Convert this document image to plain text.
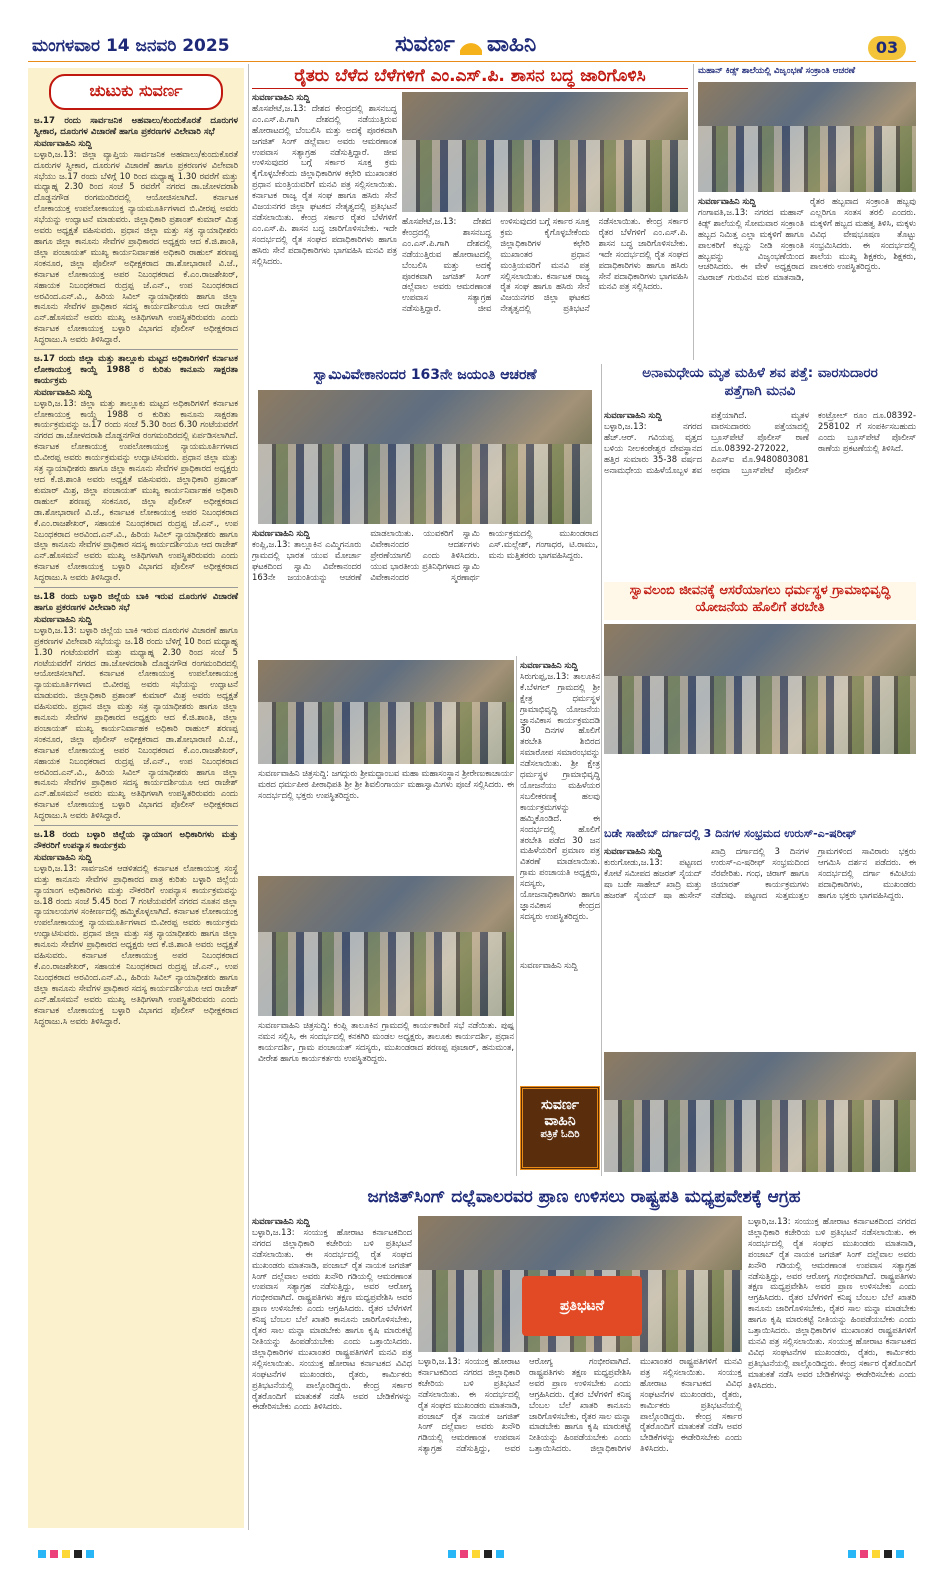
ಮಂಗಳವಾರ 14 ಜನವರಿ 2025	ಸುವರ್ಣ ವಾಹಿನಿ	03
ಚುಟುಕು ಸುವರ್ಣ
ಜ.17 ರಂದು ಸಾರ್ವಜನಿಕ ಅಹವಾಲು/ಕುಂದುಕೊರತೆ ದೂರುಗಳ ಸ್ವೀಕಾರ, ದೂರುಗಳ ವಿಚಾರಣೆ ಹಾಗೂ ಪ್ರಕರಣಗಳ ವಿಲೇವಾರಿ ಸಭೆ
ಸುವರ್ಣವಾಹಿನಿ ಸುದ್ದಿ
ಬಳ್ಳಾರಿ,ಜ.13: ಜಿಲ್ಲಾ ವ್ಯಾಪ್ತಿಯ ಸಾರ್ವಜನಿಕ ಅಹವಾಲು/ಕುಂದುಕೊರತೆ ದೂರುಗಳ ಸ್ವೀಕಾರ, ದೂರುಗಳ ವಿಚಾರಣೆ ಹಾಗೂ ಪ್ರಕರಣಗಳ ವಿಲೇವಾರಿ ಸಭೆಯು ಜ.17 ರಂದು ಬೆಳಿಗ್ಗೆ 10 ರಿಂದ ಮಧ್ಯಾಹ್ನ 1.30 ರವರೆಗೆ ಮತ್ತು ಮಧ್ಯಾಹ್ನ 2.30 ರಿಂದ ಸಂಜೆ 5 ರವರೆಗೆ ನಗರದ ಡಾ.ಜೋಳದರಾಶಿ ದೊಡ್ಡನಗೌಡ ರಂಗಮಂದಿರದಲ್ಲಿ ಆಯೋಜಿಸಲಾಗಿದೆ. ಕರ್ನಾಟಕ ಲೋಕಾಯುಕ್ತ ಉಪಲೋಕಾಯುಕ್ತ ನ್ಯಾಯಮೂರ್ತಿಗಳಾದ ಬಿ.ವೀರಪ್ಪ ಅವರು ಸಭೆಯನ್ನು ಉದ್ಘಾಟನೆ ಮಾಡುವರು. ಜಿಲ್ಲಾಧಿಕಾರಿ ಪ್ರಶಾಂತ್ ಕುಮಾರ್ ಮಿಶ್ರ ಅವರು ಅಧ್ಯಕ್ಷತೆ ವಹಿಸುವರು. ಪ್ರಧಾನ ಜಿಲ್ಲಾ ಮತ್ತು ಸತ್ರ ನ್ಯಾಯಾಧೀಶರು ಹಾಗೂ ಜಿಲ್ಲಾ ಕಾನೂನು ಸೇವೆಗಳ ಪ್ರಾಧಿಕಾರದ ಅಧ್ಯಕ್ಷರು ಆದ ಕೆ.ಜಿ.ಶಾಂತಿ, ಜಿಲ್ಲಾ ಪಂಚಾಯತ್ ಮುಖ್ಯ ಕಾರ್ಯನಿರ್ವಾಹಕ ಅಧಿಕಾರಿ ರಾಹುಲ್ ಶರಣಪ್ಪ ಸಂಕನೂರ, ಜಿಲ್ಲಾ ಪೊಲೀಸ್ ಅಧೀಕ್ಷಕರಾದ ಡಾ.ಶೋಭಾರಾಣಿ ವಿ.ಜೆ., ಕರ್ನಾಟಕ ಲೋಕಾಯುಕ್ತ ಅಪರ ನಿಬಂಧಕರಾದ ಕೆ.ಎಂ.ರಾಜಶೇಖರ್, ಸಹಾಯಕ ನಿಬಂಧಕರಾದ ರುದ್ರಪ್ಪ ಜೆ.ಎನ್., ಉಪ ನಿಬಂಧಕರಾದ ಅರವಿಂದ.ಎನ್.ವಿ., ಹಿರಿಯ ಸಿವಿಲ್ ನ್ಯಾಯಾಧೀಶರು ಹಾಗೂ ಜಿಲ್ಲಾ ಕಾನೂನು ಸೇವೆಗಳ ಪ್ರಾಧಿಕಾರ ಸದಸ್ಯ ಕಾರ್ಯದರ್ಶಿಯೂ ಆದ ರಾಜೇಶ್ ಎನ್.ಹೊಸಮನೆ ಅವರು ಮುಖ್ಯ ಅತಿಥಿಗಳಾಗಿ ಉಪಸ್ಥಿತರಿರುವರು ಎಂದು ಕರ್ನಾಟಕ ಲೋಕಾಯುಕ್ತ ಬಳ್ಳಾರಿ ವಿಭಾಗದ ಪೊಲೀಸ್ ಅಧೀಕ್ಷಕರಾದ ಸಿದ್ಧರಾಜು.ಸಿ ಅವರು ತಿಳಿಸಿದ್ದಾರೆ.
ಜ.17 ರಂದು ಜಿಲ್ಲಾ ಮತ್ತು ತಾಲ್ಲೂಕು ಮಟ್ಟದ ಅಧಿಕಾರಿಗಳಿಗೆ ಕರ್ನಾಟಕ ಲೋಕಾಯುಕ್ತ ಕಾಯ್ದೆ 1988 ರ ಕುರಿತು ಕಾನೂನು ಸಾಕ್ಷರತಾ ಕಾರ್ಯಕ್ರಮ
ಸುವರ್ಣವಾಹಿನಿ ಸುದ್ದಿ
ಬಳ್ಳಾರಿ,ಜ.13: ಜಿಲ್ಲಾ ಮತ್ತು ತಾಲ್ಲೂಕು ಮಟ್ಟದ ಅಧಿಕಾರಿಗಳಿಗೆ ಕರ್ನಾಟಕ ಲೋಕಾಯುಕ್ತ ಕಾಯ್ದೆ 1988 ರ ಕುರಿತು ಕಾನೂನು ಸಾಕ್ಷರತಾ ಕಾರ್ಯಕ್ರಮವನ್ನು ಜ.17 ರಂದು ಸಂಜೆ 5.30 ರಿಂದ 6.30 ಗಂಟೆಯವರೆಗೆ ನಗರದ ಡಾ.ಜೋಳದರಾಶಿ ದೊಡ್ಡನಗೌಡ ರಂಗಮಂದಿರದಲ್ಲಿ ಏರ್ಪಡಿಸಲಾಗಿದೆ. ಕರ್ನಾಟಕ ಲೋಕಾಯುಕ್ತ ಉಪಲೋಕಾಯುಕ್ತ ನ್ಯಾಯಮೂರ್ತಿಗಳಾದ ಬಿ.ವೀರಪ್ಪ ಅವರು ಕಾರ್ಯಕ್ರಮವನ್ನು ಉದ್ಘಾಟಿಸುವರು. ಪ್ರಧಾನ ಜಿಲ್ಲಾ ಮತ್ತು ಸತ್ರ ನ್ಯಾಯಾಧೀಶರು ಹಾಗೂ ಜಿಲ್ಲಾ ಕಾನೂನು ಸೇವೆಗಳ ಪ್ರಾಧಿಕಾರದ ಅಧ್ಯಕ್ಷರು ಆದ ಕೆ.ಜಿ.ಶಾಂತಿ ಅವರು ಅಧ್ಯಕ್ಷತೆ ವಹಿಸುವರು. ಜಿಲ್ಲಾಧಿಕಾರಿ ಪ್ರಶಾಂತ್ ಕುಮಾರ್ ಮಿಶ್ರ, ಜಿಲ್ಲಾ ಪಂಚಾಯತ್ ಮುಖ್ಯ ಕಾರ್ಯನಿರ್ವಾಹಕ ಅಧಿಕಾರಿ ರಾಹುಲ್ ಶರಣಪ್ಪ ಸಂಕನೂರ, ಜಿಲ್ಲಾ ಪೊಲೀಸ್ ಅಧೀಕ್ಷಕರಾದ ಡಾ.ಶೋಭಾರಾಣಿ ವಿ.ಜೆ., ಕರ್ನಾಟಕ ಲೋಕಾಯುಕ್ತ ಅಪರ ನಿಬಂಧಕರಾದ ಕೆ.ಎಂ.ರಾಜಶೇಖರ್, ಸಹಾಯಕ ನಿಬಂಧಕರಾದ ರುದ್ರಪ್ಪ ಜೆ.ಎನ್., ಉಪ ನಿಬಂಧಕರಾದ ಅರವಿಂದ.ಎನ್.ವಿ., ಹಿರಿಯ ಸಿವಿಲ್ ನ್ಯಾಯಾಧೀಶರು ಹಾಗೂ ಜಿಲ್ಲಾ ಕಾನೂನು ಸೇವೆಗಳ ಪ್ರಾಧಿಕಾರ ಸದಸ್ಯ ಕಾರ್ಯದರ್ಶಿಯೂ ಆದ ರಾಜೇಶ್ ಎನ್.ಹೊಸಮನೆ ಅವರು ಮುಖ್ಯ ಅತಿಥಿಗಳಾಗಿ ಉಪಸ್ಥಿತರಿರುವರು ಎಂದು ಕರ್ನಾಟಕ ಲೋಕಾಯುಕ್ತ ಬಳ್ಳಾರಿ ವಿಭಾಗದ ಪೊಲೀಸ್ ಅಧೀಕ್ಷಕರಾದ ಸಿದ್ಧರಾಜು.ಸಿ ಅವರು ತಿಳಿಸಿದ್ದಾರೆ.
ಜ.18 ರಂದು ಬಳ್ಳಾರಿ ಜಿಲ್ಲೆಯ ಬಾಕಿ ಇರುವ ದೂರುಗಳ ವಿಚಾರಣೆ ಹಾಗೂ ಪ್ರಕರಣಗಳ ವಿಲೇವಾರಿ ಸಭೆ
ಸುವರ್ಣವಾಹಿನಿ ಸುದ್ದಿ
ಬಳ್ಳಾರಿ,ಜ.13: ಬಳ್ಳಾರಿ ಜಿಲ್ಲೆಯ ಬಾಕಿ ಇರುವ ದೂರುಗಳ ವಿಚಾರಣೆ ಹಾಗೂ ಪ್ರಕರಣಗಳ ವಿಲೇವಾರಿ ಸಭೆಯನ್ನು ಜ.18 ರಂದು ಬೆಳಿಗ್ಗೆ 10 ರಿಂದ ಮಧ್ಯಾಹ್ನ 1.30 ಗಂಟೆಯವರೆಗೆ ಮತ್ತು ಮಧ್ಯಾಹ್ನ 2.30 ರಿಂದ ಸಂಜೆ 5 ಗಂಟೆಯವರೆಗೆ ನಗರದ ಡಾ.ಜೋಳದರಾಶಿ ದೊಡ್ಡನಗೌಡ ರಂಗಮಂದಿರದಲ್ಲಿ ಆಯೋಜಿಸಲಾಗಿದೆ. ಕರ್ನಾಟಕ ಲೋಕಾಯುಕ್ತ ಉಪಲೋಕಾಯುಕ್ತ ನ್ಯಾಯಮೂರ್ತಿಗಳಾದ ಬಿ.ವೀರಪ್ಪ ಅವರು ಸಭೆಯನ್ನು ಉದ್ಘಾಟನೆ ಮಾಡುವರು. ಜಿಲ್ಲಾಧಿಕಾರಿ ಪ್ರಶಾಂತ್ ಕುಮಾರ್ ಮಿಶ್ರ ಅವರು ಅಧ್ಯಕ್ಷತೆ ವಹಿಸುವರು. ಪ್ರಧಾನ ಜಿಲ್ಲಾ ಮತ್ತು ಸತ್ರ ನ್ಯಾಯಾಧೀಶರು ಹಾಗೂ ಜಿಲ್ಲಾ ಕಾನೂನು ಸೇವೆಗಳ ಪ್ರಾಧಿಕಾರದ ಅಧ್ಯಕ್ಷರು ಆದ ಕೆ.ಜಿ.ಶಾಂತಿ, ಜಿಲ್ಲಾ ಪಂಚಾಯತ್ ಮುಖ್ಯ ಕಾರ್ಯನಿರ್ವಾಹಕ ಅಧಿಕಾರಿ ರಾಹುಲ್ ಶರಣಪ್ಪ ಸಂಕನೂರ, ಜಿಲ್ಲಾ ಪೊಲೀಸ್ ಅಧೀಕ್ಷಕರಾದ ಡಾ.ಶೋಭಾರಾಣಿ ವಿ.ಜೆ., ಕರ್ನಾಟಕ ಲೋಕಾಯುಕ್ತ ಅಪರ ನಿಬಂಧಕರಾದ ಕೆ.ಎಂ.ರಾಜಶೇಖರ್, ಸಹಾಯಕ ನಿಬಂಧಕರಾದ ರುದ್ರಪ್ಪ ಜೆ.ಎನ್., ಉಪ ನಿಬಂಧಕರಾದ ಅರವಿಂದ.ಎನ್.ವಿ., ಹಿರಿಯ ಸಿವಿಲ್ ನ್ಯಾಯಾಧೀಶರು ಹಾಗೂ ಜಿಲ್ಲಾ ಕಾನೂನು ಸೇವೆಗಳ ಪ್ರಾಧಿಕಾರ ಸದಸ್ಯ ಕಾರ್ಯದರ್ಶಿಯೂ ಆದ ರಾಜೇಶ್ ಎನ್.ಹೊಸಮನೆ ಅವರು ಮುಖ್ಯ ಅತಿಥಿಗಳಾಗಿ ಉಪಸ್ಥಿತರಿರುವರು ಎಂದು ಕರ್ನಾಟಕ ಲೋಕಾಯುಕ್ತ ಬಳ್ಳಾರಿ ವಿಭಾಗದ ಪೊಲೀಸ್ ಅಧೀಕ್ಷಕರಾದ ಸಿದ್ಧರಾಜು.ಸಿ ಅವರು ತಿಳಿಸಿದ್ದಾರೆ.
ಜ.18 ರಂದು ಬಳ್ಳಾರಿ ಜಿಲ್ಲೆಯ ನ್ಯಾಯಾಂಗ ಅಧಿಕಾರಿಗಳು ಮತ್ತು ನೌಕರರಿಗೆ ಉಪನ್ಯಾಸ ಕಾರ್ಯಕ್ರಮ
ಸುವರ್ಣವಾಹಿನಿ ಸುದ್ದಿ
ಬಳ್ಳಾರಿ,ಜ.13: ಸಾರ್ವಜನಿಕ ಆಡಳಿತದಲ್ಲಿ ಕರ್ನಾಟಕ ಲೋಕಾಯುಕ್ತ ಸಂಸ್ಥೆ ಮತ್ತು ಕಾನೂನು ಸೇವೆಗಳ ಪ್ರಾಧಿಕಾರದ ಪಾತ್ರ ಕುರಿತು ಬಳ್ಳಾರಿ ಜಿಲ್ಲೆಯ ನ್ಯಾಯಾಂಗ ಅಧಿಕಾರಿಗಳು ಮತ್ತು ನೌಕರರಿಗೆ ಉಪನ್ಯಾಸ ಕಾರ್ಯಕ್ರಮವನ್ನು ಜ.18 ರಂದು ಸಂಜೆ 5.45 ರಿಂದ 7 ಗಂಟೆಯವರೆಗೆ ನಗರದ ನೂತನ ಜಿಲ್ಲಾ ನ್ಯಾಯಾಲಯಗಳ ಸಂಕೀರ್ಣದಲ್ಲಿ ಹಮ್ಮಿಕೊಳ್ಳಲಾಗಿದೆ. ಕರ್ನಾಟಕ ಲೋಕಾಯುಕ್ತ ಉಪಲೋಕಾಯುಕ್ತ ನ್ಯಾಯಮೂರ್ತಿಗಳಾದ ಬಿ.ವೀರಪ್ಪ ಅವರು ಕಾರ್ಯಕ್ರಮ ಉದ್ಘಾಟಿಸುವರು. ಪ್ರಧಾನ ಜಿಲ್ಲಾ ಮತ್ತು ಸತ್ರ ನ್ಯಾಯಾಧೀಶರು ಹಾಗೂ ಜಿಲ್ಲಾ ಕಾನೂನು ಸೇವೆಗಳ ಪ್ರಾಧಿಕಾರದ ಅಧ್ಯಕ್ಷರು ಆದ ಕೆ.ಜಿ.ಶಾಂತಿ ಅವರು ಅಧ್ಯಕ್ಷತೆ ವಹಿಸುವರು. ಕರ್ನಾಟಕ ಲೋಕಾಯುಕ್ತ ಅಪರ ನಿಬಂಧಕರಾದ ಕೆ.ಎಂ.ರಾಜಶೇಖರ್, ಸಹಾಯಕ ನಿಬಂಧಕರಾದ ರುದ್ರಪ್ಪ ಜೆ.ಎನ್., ಉಪ ನಿಬಂಧಕರಾದ ಅರವಿಂದ.ಎನ್.ವಿ., ಹಿರಿಯ ಸಿವಿಲ್ ನ್ಯಾಯಾಧೀಶರು ಹಾಗೂ ಜಿಲ್ಲಾ ಕಾನೂನು ಸೇವೆಗಳ ಪ್ರಾಧಿಕಾರ ಸದಸ್ಯ ಕಾರ್ಯದರ್ಶಿಯೂ ಆದ ರಾಜೇಶ್ ಎನ್.ಹೊಸಮನೆ ಅವರು ಮುಖ್ಯ ಅತಿಥಿಗಳಾಗಿ ಉಪಸ್ಥಿತರಿರುವರು ಎಂದು ಕರ್ನಾಟಕ ಲೋಕಾಯುಕ್ತ ಬಳ್ಳಾರಿ ವಿಭಾಗದ ಪೊಲೀಸ್ ಅಧೀಕ್ಷಕರಾದ ಸಿದ್ಧರಾಜು.ಸಿ ಅವರು ತಿಳಿಸಿದ್ದಾರೆ.
ರೈತರು ಬೆಳೆದ ಬೆಳೆಗಳಿಗೆ ಎಂ.ಎಸ್.ಪಿ. ಶಾಸನ ಬದ್ಧ ಜಾರಿಗೊಳಿಸಿ
ಸುವರ್ಣವಾಹಿನಿ ಸುದ್ದಿ
ಹೊಸಪೇಟೆ,ಜ.13: ದೇಶದ ಕೇಂದ್ರದಲ್ಲಿ ಶಾಸನಬದ್ಧ ಎಂ.ಎಸ್.ಪಿ.ಗಾಗಿ ದೇಶದಲ್ಲಿ ನಡೆಯುತ್ತಿರುವ ಹೋರಾಟದಲ್ಲಿ ಬೆಂಬಲಿಸಿ ಮತ್ತು ಅದಕ್ಕೆ ಪೂರಕವಾಗಿ ಜಗಜಿತ್ ಸಿಂಗ್ ಡಲ್ಲೆವಾಲ ಅವರು ಆಮರಣಾಂತ ಉಪವಾಸ ಸತ್ಯಾಗ್ರಹ ನಡೆಸುತ್ತಿದ್ದಾರೆ. ಜೀವ ಉಳಿಸುವುದರ ಬಗ್ಗೆ ಸರ್ಕಾರ ಸೂಕ್ತ ಕ್ರಮ ಕೈಗೊಳ್ಳಬೇಕೆಂದು ಜಿಲ್ಲಾಧಿಕಾರಿಗಳ ಕಛೇರಿ ಮುಖಾಂತರ ಪ್ರಧಾನ ಮಂತ್ರಿಯವರಿಗೆ ಮನವಿ ಪತ್ರ ಸಲ್ಲಿಸಲಾಯಿತು. ಕರ್ನಾಟಕ ರಾಜ್ಯ ರೈತ ಸಂಘ ಹಾಗೂ ಹಸಿರು ಸೇನೆ ವಿಜಯನಗರ ಜಿಲ್ಲಾ ಘಟಕದ ನೇತೃತ್ವದಲ್ಲಿ ಪ್ರತಿಭಟನೆ ನಡೆಸಲಾಯಿತು. ಕೇಂದ್ರ ಸರ್ಕಾರ ರೈತರ ಬೆಳೆಗಳಿಗೆ ಎಂ.ಎಸ್.ಪಿ. ಶಾಸನ ಬದ್ಧ ಜಾರಿಗೊಳಿಸಬೇಕು. ಇದೇ ಸಂದರ್ಭದಲ್ಲಿ ರೈತ ಸಂಘದ ಪದಾಧಿಕಾರಿಗಳು ಹಾಗೂ ಹಸಿರು ಸೇನೆ ಪದಾಧಿಕಾರಿಗಳು ಭಾಗವಹಿಸಿ ಮನವಿ ಪತ್ರ ಸಲ್ಲಿಸಿದರು.
ಹೊಸಪೇಟೆ,ಜ.13: ದೇಶದ ಕೇಂದ್ರದಲ್ಲಿ ಶಾಸನಬದ್ಧ ಎಂ.ಎಸ್.ಪಿ.ಗಾಗಿ ದೇಶದಲ್ಲಿ ನಡೆಯುತ್ತಿರುವ ಹೋರಾಟದಲ್ಲಿ ಬೆಂಬಲಿಸಿ ಮತ್ತು ಅದಕ್ಕೆ ಪೂರಕವಾಗಿ ಜಗಜಿತ್ ಸಿಂಗ್ ಡಲ್ಲೆವಾಲ ಅವರು ಆಮರಣಾಂತ ಉಪವಾಸ ಸತ್ಯಾಗ್ರಹ ನಡೆಸುತ್ತಿದ್ದಾರೆ. ಜೀವ ಉಳಿಸುವುದರ ಬಗ್ಗೆ ಸರ್ಕಾರ ಸೂಕ್ತ ಕ್ರಮ ಕೈಗೊಳ್ಳಬೇಕೆಂದು ಜಿಲ್ಲಾಧಿಕಾರಿಗಳ ಕಛೇರಿ ಮುಖಾಂತರ ಪ್ರಧಾನ ಮಂತ್ರಿಯವರಿಗೆ ಮನವಿ ಪತ್ರ ಸಲ್ಲಿಸಲಾಯಿತು. ಕರ್ನಾಟಕ ರಾಜ್ಯ ರೈತ ಸಂಘ ಹಾಗೂ ಹಸಿರು ಸೇನೆ ವಿಜಯನಗರ ಜಿಲ್ಲಾ ಘಟಕದ ನೇತೃತ್ವದಲ್ಲಿ ಪ್ರತಿಭಟನೆ ನಡೆಸಲಾಯಿತು. ಕೇಂದ್ರ ಸರ್ಕಾರ ರೈತರ ಬೆಳೆಗಳಿಗೆ ಎಂ.ಎಸ್.ಪಿ. ಶಾಸನ ಬದ್ಧ ಜಾರಿಗೊಳಿಸಬೇಕು. ಇದೇ ಸಂದರ್ಭದಲ್ಲಿ ರೈತ ಸಂಘದ ಪದಾಧಿಕಾರಿಗಳು ಹಾಗೂ ಹಸಿರು ಸೇನೆ ಪದಾಧಿಕಾರಿಗಳು ಭಾಗವಹಿಸಿ ಮನವಿ ಪತ್ರ ಸಲ್ಲಿಸಿದರು.
ಮಹಾನ್ ಕಿಡ್ಸ್ ಶಾಲೆಯಲ್ಲಿ ವಿಜೃಂಭಣೆ ಸಂಕ್ರಾಂತಿ ಆಚರಣೆ
ಸುವರ್ಣವಾಹಿನಿ ಸುದ್ದಿ
ಗಂಗಾವತಿ,ಜ.13: ನಗರದ ಮಹಾನ್ ಕಿಡ್ಸ್ ಶಾಲೆಯಲ್ಲಿ ಸೋಮವಾರ ಸಂಕ್ರಾಂತಿ ಹಬ್ಬದ ನಿಮಿತ್ತ ಎಲ್ಲಾ ಮಕ್ಕಳಿಗೆ ಹಾಗೂ ಪಾಲಕರಿಗೆ ಕಬ್ಬನ್ನು ನೀಡಿ ಸಂಕ್ರಾಂತಿ ಹಬ್ಬವನ್ನು ವಿಜೃಂಭಣೆಯಿಂದ ಆಚರಿಸಿದರು. ಈ ವೇಳೆ ಅಧ್ಯಕ್ಷರಾದ ನಟರಾಜ್ ಗುರುವಿನ ಮಠ ಮಾತನಾಡಿ, ರೈತರ ಹಬ್ಬವಾದ ಸಂಕ್ರಾಂತಿ ಹಬ್ಬವು ಎಲ್ಲರಿಗೂ ಸಂತಸ ತರಲಿ ಎಂದರು. ಮಕ್ಕಳಿಗೆ ಹಬ್ಬದ ಮಹತ್ವ ತಿಳಿಸಿ, ಮಕ್ಕಳು ವಿವಿಧ ವೇಷಭೂಷಣ ತೊಟ್ಟು ಸಂಭ್ರಮಿಸಿದರು. ಈ ಸಂದರ್ಭದಲ್ಲಿ ಶಾಲೆಯ ಮುಖ್ಯ ಶಿಕ್ಷಕರು, ಶಿಕ್ಷಕರು, ಪಾಲಕರು ಉಪಸ್ಥಿತರಿದ್ದರು.
ಸ್ವಾಮಿವಿವೇಕಾನಂದರ 163ನೇ ಜಯಂತಿ ಆಚರಣೆ
ಸುವರ್ಣವಾಹಿನಿ ಸುದ್ದಿ
ಕಂಪ್ಲಿ,ಜ.13: ತಾಲ್ಲೂಕಿನ ಎಮ್ಮಿಗನೂರು ಗ್ರಾಮದಲ್ಲಿ ಭಾರತ ಯುವ ಮೋರ್ಚಾ ಘಟಕದಿಂದ ಸ್ವಾಮಿ ವಿವೇಕಾನಂದರ 163ನೇ ಜಯಂತಿಯನ್ನು ಆಚರಣೆ ಮಾಡಲಾಯಿತು. ಯುವಕರಿಗೆ ಸ್ವಾಮಿ ವಿವೇಕಾನಂದರ ಆದರ್ಶಗಳು ಪ್ರೇರಣೆಯಾಗಲಿ ಎಂದು ತಿಳಿಸಿದರು. ಯುವ ಭಾರತೀಯ ಪ್ರತಿನಿಧಿಗಳಾದ ಸ್ವಾಮಿ ವಿವೇಕಾನಂದರ ಸ್ಮರಣಾರ್ಥ ಕಾರ್ಯಕ್ರಮದಲ್ಲಿ ಮುಖಂಡರಾದ ಎಸ್.ಮಲ್ಲೇಶ್, ಗಂಗಾಧರ, ಟಿ.ರಾಮು, ಮನು ಮತ್ತಿತರರು ಭಾಗವಹಿಸಿದ್ದರು.
ಅನಾಮಧೇಯ ಮೃತ ಮಹಿಳೆ ಶವ ಪತ್ತೆ: ವಾರಸುದಾರರ ಪತ್ತೆಗಾಗಿ ಮನವಿ
ಸುವರ್ಣವಾಹಿನಿ ಸುದ್ದಿ
ಬಳ್ಳಾರಿ,ಜ.13: ನಗರದ ಹೆಚ್.ಆರ್. ಗವಿಯಪ್ಪ ವೃತ್ತದ ಬಳಿಯ ನೀಲಕಂಠೇಶ್ವರ ದೇವಸ್ಥಾನದ ಹತ್ತಿರ ಸುಮಾರು 35-38 ವರ್ಷದ ಅನಾಮಧೇಯ ಮಹಿಳೆಯೊಬ್ಬಳ ಶವ ಪತ್ತೆಯಾಗಿದೆ. ಮೃತಳ ವಾರಸುದಾರರು ಪತ್ತೆಯಾದಲ್ಲಿ ಬ್ರೂಸ್‌ಪೇಟೆ ಪೊಲೀಸ್ ಠಾಣೆ ದೂ.08392-272022, ಪಿಎಸ್‌ಐ ಮೊ.9480803081 ಅಥವಾ ಬ್ರೂಸ್‌ಪೇಟೆ ಪೊಲೀಸ್ ಕಂಟ್ರೋಲ್ ರೂಂ ದೂ.08392-258102 ಗೆ ಸಂಪರ್ಕಿಸಬಹುದು ಎಂದು ಬ್ರೂಸ್‌ಪೇಟೆ ಪೊಲೀಸ್ ಠಾಣೆಯ ಪ್ರಕಟಣೆಯಲ್ಲಿ ತಿಳಿಸಿದೆ.
ಸ್ವಾವಲಂಬಿ ಜೀವನಕ್ಕೆ ಆಸರೆಯಾಗಲು ಧರ್ಮಸ್ಥಳ ಗ್ರಾಮಾಭಿವೃದ್ಧಿ ಯೋಜನೆಯ ಹೊಲಿಗೆ ತರಬೇತಿ
ಸುವರ್ಣವಾಹಿನಿ ಸುದ್ದಿ
ಸಿರುಗುಪ್ಪ,ಜ.13: ತಾಲೂಕಿನ ಕೆ.ಬೆಳಗಲ್ ಗ್ರಾಮದಲ್ಲಿ ಶ್ರೀ ಕ್ಷೇತ್ರ ಧರ್ಮಸ್ಥಳ ಗ್ರಾಮಾಭಿವೃದ್ಧಿ ಯೋಜನೆಯ ಜ್ಞಾನವಿಕಾಸ ಕಾರ್ಯಕ್ರಮದಡಿ 30 ದಿನಗಳ ಹೊಲಿಗೆ ತರಬೇತಿ ಶಿಬಿರದ ಸಮಾರೋಪ ಸಮಾರಂಭವನ್ನು ನಡೆಸಲಾಯಿತು. ಶ್ರೀ ಕ್ಷೇತ್ರ ಧರ್ಮಸ್ಥಳ ಗ್ರಾಮಾಭಿವೃದ್ಧಿ ಯೋಜನೆಯು ಮಹಿಳೆಯರ ಸಬಲೀಕರಣಕ್ಕೆ ಹಲವು ಕಾರ್ಯಕ್ರಮಗಳನ್ನು ಹಮ್ಮಿಕೊಂಡಿದೆ. ಈ ಸಂದರ್ಭದಲ್ಲಿ ಹೊಲಿಗೆ ತರಬೇತಿ ಪಡೆದ 30 ಜನ ಮಹಿಳೆಯರಿಗೆ ಪ್ರಮಾಣ ಪತ್ರ ವಿತರಣೆ ಮಾಡಲಾಯಿತು. ಗ್ರಾಮ ಪಂಚಾಯತಿ ಅಧ್ಯಕ್ಷರು, ಸದಸ್ಯರು, ಯೋಜನಾಧಿಕಾರಿಗಳು ಹಾಗೂ ಜ್ಞಾನವಿಕಾಸ ಕೇಂದ್ರದ ಸದಸ್ಯರು ಉಪಸ್ಥಿತರಿದ್ದರು.
ಸುವರ್ಣವಾಹಿನಿ ಚಿತ್ರಸುದ್ದಿ: ಜಗದ್ಗುರು ಶ್ರೀಮದ್ಜಾಂಬವ ಮಹಾ ಮಹಾಸಂಸ್ಥಾನ ಶ್ರೀರೇಣುಕಾಚಾರ್ಯ ಮಠದ ಧರ್ಮಪೀಠ ಪೀಠಾಧಿಪತಿ ಶ್ರೀ ಶ್ರೀ ಶಿವಲಿಂಗಾರ್ಯ ಮಹಾಸ್ವಾಮಿಗಳು ಪೂಜೆ ಸಲ್ಲಿಸಿದರು. ಈ ಸಂದರ್ಭದಲ್ಲಿ ಭಕ್ತರು ಉಪಸ್ಥಿತರಿದ್ದರು.
ಸುವರ್ಣವಾಹಿನಿ ಚಿತ್ರಸುದ್ದಿ: ಕಂಪ್ಲಿ ತಾಲೂಕಿನ ಗ್ರಾಮದಲ್ಲಿ ಕಾರ್ಯಕಾರಿಣಿ ಸಭೆ ನಡೆಯಿತು. ಪುಷ್ಪ ನಮನ ಸಲ್ಲಿಸಿ, ಈ ಸಂದರ್ಭದಲ್ಲಿ ಕನಕಗಿರಿ ಮಂಡಲ ಅಧ್ಯಕ್ಷರು, ತಾಲೂಕು ಕಾರ್ಯದರ್ಶಿ, ಪ್ರಧಾನ ಕಾರ್ಯದರ್ಶಿ, ಗ್ರಾಮ ಪಂಚಾಯತ್ ಸದಸ್ಯರು, ಮುಖಂಡರಾದ ಶರಣಪ್ಪ ಪೂಜಾರ್, ಹನುಮಂತ, ವೀರೇಶ ಹಾಗೂ ಕಾರ್ಯಕರ್ತರು ಉಪಸ್ಥಿತರಿದ್ದರು.
ಸುವರ್ಣವಾಹಿನಿ ಸುದ್ದಿ
ಸುವರ್ಣ
ವಾಹಿನಿ
ಪತ್ರಿಕೆ ಓದಿರಿ
ಬಡೇ ಸಾಹೇಬ್ ದರ್ಗಾದಲ್ಲಿ 3 ದಿನಗಳ ಸಂಭ್ರಮದ ಉರುಸ್-ಎ-ಷರೀಫ್
ಸುವರ್ಣವಾಹಿನಿ ಸುದ್ದಿ
ಕುರುಗೋಡು,ಜ.13: ಪಟ್ಟಣದ ಕೋಟೆ ಸಮೀಪದ ಹಜರತ್ ಸೈಯದ್ ಷಾ ಬಡೇ ಸಾಹೇಬ್ ಖಾದ್ರಿ ಮತ್ತು ಹಜರತ್ ಸೈಯದ್ ಷಾ ಹುಸೇನ್ ಖಾದ್ರಿ ದರ್ಗಾದಲ್ಲಿ 3 ದಿನಗಳ ಉರುಸ್-ಎ-ಷರೀಫ್ ಸಂಭ್ರಮದಿಂದ ನೆರವೇರಿತು. ಗಂಧ, ಚಿರಾಗ್ ಹಾಗೂ ಜಿಯಾರತ್ ಕಾರ್ಯಕ್ರಮಗಳು ನಡೆದವು. ಪಟ್ಟಣದ ಸುತ್ತಮುತ್ತಲ ಗ್ರಾಮಗಳಿಂದ ಸಾವಿರಾರು ಭಕ್ತರು ಆಗಮಿಸಿ ದರ್ಶನ ಪಡೆದರು. ಈ ಸಂದರ್ಭದಲ್ಲಿ ದರ್ಗಾ ಕಮಿಟಿಯ ಪದಾಧಿಕಾರಿಗಳು, ಮುಖಂಡರು ಹಾಗೂ ಭಕ್ತರು ಭಾಗವಹಿಸಿದ್ದರು.
ಜಗಜಿತ್‌ಸಿಂಗ್ ದಲ್ಲೆವಾಲರವರ ಪ್ರಾಣ ಉಳಿಸಲು ರಾಷ್ಟ್ರಪತಿ ಮಧ್ಯಪ್ರವೇಶಕ್ಕೆ ಆಗ್ರಹ
ಸುವರ್ಣವಾಹಿನಿ ಸುದ್ದಿ
ಬಳ್ಳಾರಿ,ಜ.13: ಸಂಯುಕ್ತ ಹೋರಾಟ ಕರ್ನಾಟಕದಿಂದ ನಗರದ ಜಿಲ್ಲಾಧಿಕಾರಿ ಕಚೇರಿಯ ಬಳಿ ಪ್ರತಿಭಟನೆ ನಡೆಸಲಾಯಿತು. ಈ ಸಂದರ್ಭದಲ್ಲಿ ರೈತ ಸಂಘದ ಮುಖಂಡರು ಮಾತನಾಡಿ, ಪಂಜಾಬ್ ರೈತ ನಾಯಕ ಜಗಜಿತ್ ಸಿಂಗ್ ದಲ್ಲೆವಾಲ ಅವರು ಖನೌರಿ ಗಡಿಯಲ್ಲಿ ಆಮರಣಾಂತ ಉಪವಾಸ ಸತ್ಯಾಗ್ರಹ ನಡೆಸುತ್ತಿದ್ದು, ಅವರ ಆರೋಗ್ಯ ಗಂಭೀರವಾಗಿದೆ. ರಾಷ್ಟ್ರಪತಿಗಳು ತಕ್ಷಣ ಮಧ್ಯಪ್ರವೇಶಿಸಿ ಅವರ ಪ್ರಾಣ ಉಳಿಸಬೇಕು ಎಂದು ಆಗ್ರಹಿಸಿದರು. ರೈತರ ಬೆಳೆಗಳಿಗೆ ಕನಿಷ್ಠ ಬೆಂಬಲ ಬೆಲೆ ಖಾತರಿ ಕಾನೂನು ಜಾರಿಗೊಳಿಸಬೇಕು, ರೈತರ ಸಾಲ ಮನ್ನಾ ಮಾಡಬೇಕು ಹಾಗೂ ಕೃಷಿ ಮಾರುಕಟ್ಟೆ ನೀತಿಯನ್ನು ಹಿಂಪಡೆಯಬೇಕು ಎಂದು ಒತ್ತಾಯಿಸಿದರು. ಜಿಲ್ಲಾಧಿಕಾರಿಗಳ ಮುಖಾಂತರ ರಾಷ್ಟ್ರಪತಿಗಳಿಗೆ ಮನವಿ ಪತ್ರ ಸಲ್ಲಿಸಲಾಯಿತು. ಸಂಯುಕ್ತ ಹೋರಾಟ ಕರ್ನಾಟಕದ ವಿವಿಧ ಸಂಘಟನೆಗಳ ಮುಖಂಡರು, ರೈತರು, ಕಾರ್ಮಿಕರು ಪ್ರತಿಭಟನೆಯಲ್ಲಿ ಪಾಲ್ಗೊಂಡಿದ್ದರು. ಕೇಂದ್ರ ಸರ್ಕಾರ ರೈತರೊಂದಿಗೆ ಮಾತುಕತೆ ನಡೆಸಿ ಅವರ ಬೇಡಿಕೆಗಳನ್ನು ಈಡೇರಿಸಬೇಕು ಎಂದು ತಿಳಿಸಿದರು.
ಪ್ರತಿಭಟನೆ
ಬಳ್ಳಾರಿ,ಜ.13: ಸಂಯುಕ್ತ ಹೋರಾಟ ಕರ್ನಾಟಕದಿಂದ ನಗರದ ಜಿಲ್ಲಾಧಿಕಾರಿ ಕಚೇರಿಯ ಬಳಿ ಪ್ರತಿಭಟನೆ ನಡೆಸಲಾಯಿತು. ಈ ಸಂದರ್ಭದಲ್ಲಿ ರೈತ ಸಂಘದ ಮುಖಂಡರು ಮಾತನಾಡಿ, ಪಂಜಾಬ್ ರೈತ ನಾಯಕ ಜಗಜಿತ್ ಸಿಂಗ್ ದಲ್ಲೆವಾಲ ಅವರು ಖನೌರಿ ಗಡಿಯಲ್ಲಿ ಆಮರಣಾಂತ ಉಪವಾಸ ಸತ್ಯಾಗ್ರಹ ನಡೆಸುತ್ತಿದ್ದು, ಅವರ ಆರೋಗ್ಯ ಗಂಭೀರವಾಗಿದೆ. ರಾಷ್ಟ್ರಪತಿಗಳು ತಕ್ಷಣ ಮಧ್ಯಪ್ರವೇಶಿಸಿ ಅವರ ಪ್ರಾಣ ಉಳಿಸಬೇಕು ಎಂದು ಆಗ್ರಹಿಸಿದರು. ರೈತರ ಬೆಳೆಗಳಿಗೆ ಕನಿಷ್ಠ ಬೆಂಬಲ ಬೆಲೆ ಖಾತರಿ ಕಾನೂನು ಜಾರಿಗೊಳಿಸಬೇಕು, ರೈತರ ಸಾಲ ಮನ್ನಾ ಮಾಡಬೇಕು ಹಾಗೂ ಕೃಷಿ ಮಾರುಕಟ್ಟೆ ನೀತಿಯನ್ನು ಹಿಂಪಡೆಯಬೇಕು ಎಂದು ಒತ್ತಾಯಿಸಿದರು. ಜಿಲ್ಲಾಧಿಕಾರಿಗಳ ಮುಖಾಂತರ ರಾಷ್ಟ್ರಪತಿಗಳಿಗೆ ಮನವಿ ಪತ್ರ ಸಲ್ಲಿಸಲಾಯಿತು. ಸಂಯುಕ್ತ ಹೋರಾಟ ಕರ್ನಾಟಕದ ವಿವಿಧ ಸಂಘಟನೆಗಳ ಮುಖಂಡರು, ರೈತರು, ಕಾರ್ಮಿಕರು ಪ್ರತಿಭಟನೆಯಲ್ಲಿ ಪಾಲ್ಗೊಂಡಿದ್ದರು. ಕೇಂದ್ರ ಸರ್ಕಾರ ರೈತರೊಂದಿಗೆ ಮಾತುಕತೆ ನಡೆಸಿ ಅವರ ಬೇಡಿಕೆಗಳನ್ನು ಈಡೇರಿಸಬೇಕು ಎಂದು ತಿಳಿಸಿದರು.
ಬಳ್ಳಾರಿ,ಜ.13: ಸಂಯುಕ್ತ ಹೋರಾಟ ಕರ್ನಾಟಕದಿಂದ ನಗರದ ಜಿಲ್ಲಾಧಿಕಾರಿ ಕಚೇರಿಯ ಬಳಿ ಪ್ರತಿಭಟನೆ ನಡೆಸಲಾಯಿತು. ಈ ಸಂದರ್ಭದಲ್ಲಿ ರೈತ ಸಂಘದ ಮುಖಂಡರು ಮಾತನಾಡಿ, ಪಂಜಾಬ್ ರೈತ ನಾಯಕ ಜಗಜಿತ್ ಸಿಂಗ್ ದಲ್ಲೆವಾಲ ಅವರು ಖನೌರಿ ಗಡಿಯಲ್ಲಿ ಆಮರಣಾಂತ ಉಪವಾಸ ಸತ್ಯಾಗ್ರಹ ನಡೆಸುತ್ತಿದ್ದು, ಅವರ ಆರೋಗ್ಯ ಗಂಭೀರವಾಗಿದೆ. ರಾಷ್ಟ್ರಪತಿಗಳು ತಕ್ಷಣ ಮಧ್ಯಪ್ರವೇಶಿಸಿ ಅವರ ಪ್ರಾಣ ಉಳಿಸಬೇಕು ಎಂದು ಆಗ್ರಹಿಸಿದರು. ರೈತರ ಬೆಳೆಗಳಿಗೆ ಕನಿಷ್ಠ ಬೆಂಬಲ ಬೆಲೆ ಖಾತರಿ ಕಾನೂನು ಜಾರಿಗೊಳಿಸಬೇಕು, ರೈತರ ಸಾಲ ಮನ್ನಾ ಮಾಡಬೇಕು ಹಾಗೂ ಕೃಷಿ ಮಾರುಕಟ್ಟೆ ನೀತಿಯನ್ನು ಹಿಂಪಡೆಯಬೇಕು ಎಂದು ಒತ್ತಾಯಿಸಿದರು. ಜಿಲ್ಲಾಧಿಕಾರಿಗಳ ಮುಖಾಂತರ ರಾಷ್ಟ್ರಪತಿಗಳಿಗೆ ಮನವಿ ಪತ್ರ ಸಲ್ಲಿಸಲಾಯಿತು. ಸಂಯುಕ್ತ ಹೋರಾಟ ಕರ್ನಾಟಕದ ವಿವಿಧ ಸಂಘಟನೆಗಳ ಮುಖಂಡರು, ರೈತರು, ಕಾರ್ಮಿಕರು ಪ್ರತಿಭಟನೆಯಲ್ಲಿ ಪಾಲ್ಗೊಂಡಿದ್ದರು. ಕೇಂದ್ರ ಸರ್ಕಾರ ರೈತರೊಂದಿಗೆ ಮಾತುಕತೆ ನಡೆಸಿ ಅವರ ಬೇಡಿಕೆಗಳನ್ನು ಈಡೇರಿಸಬೇಕು ಎಂದು ತಿಳಿಸಿದರು.
